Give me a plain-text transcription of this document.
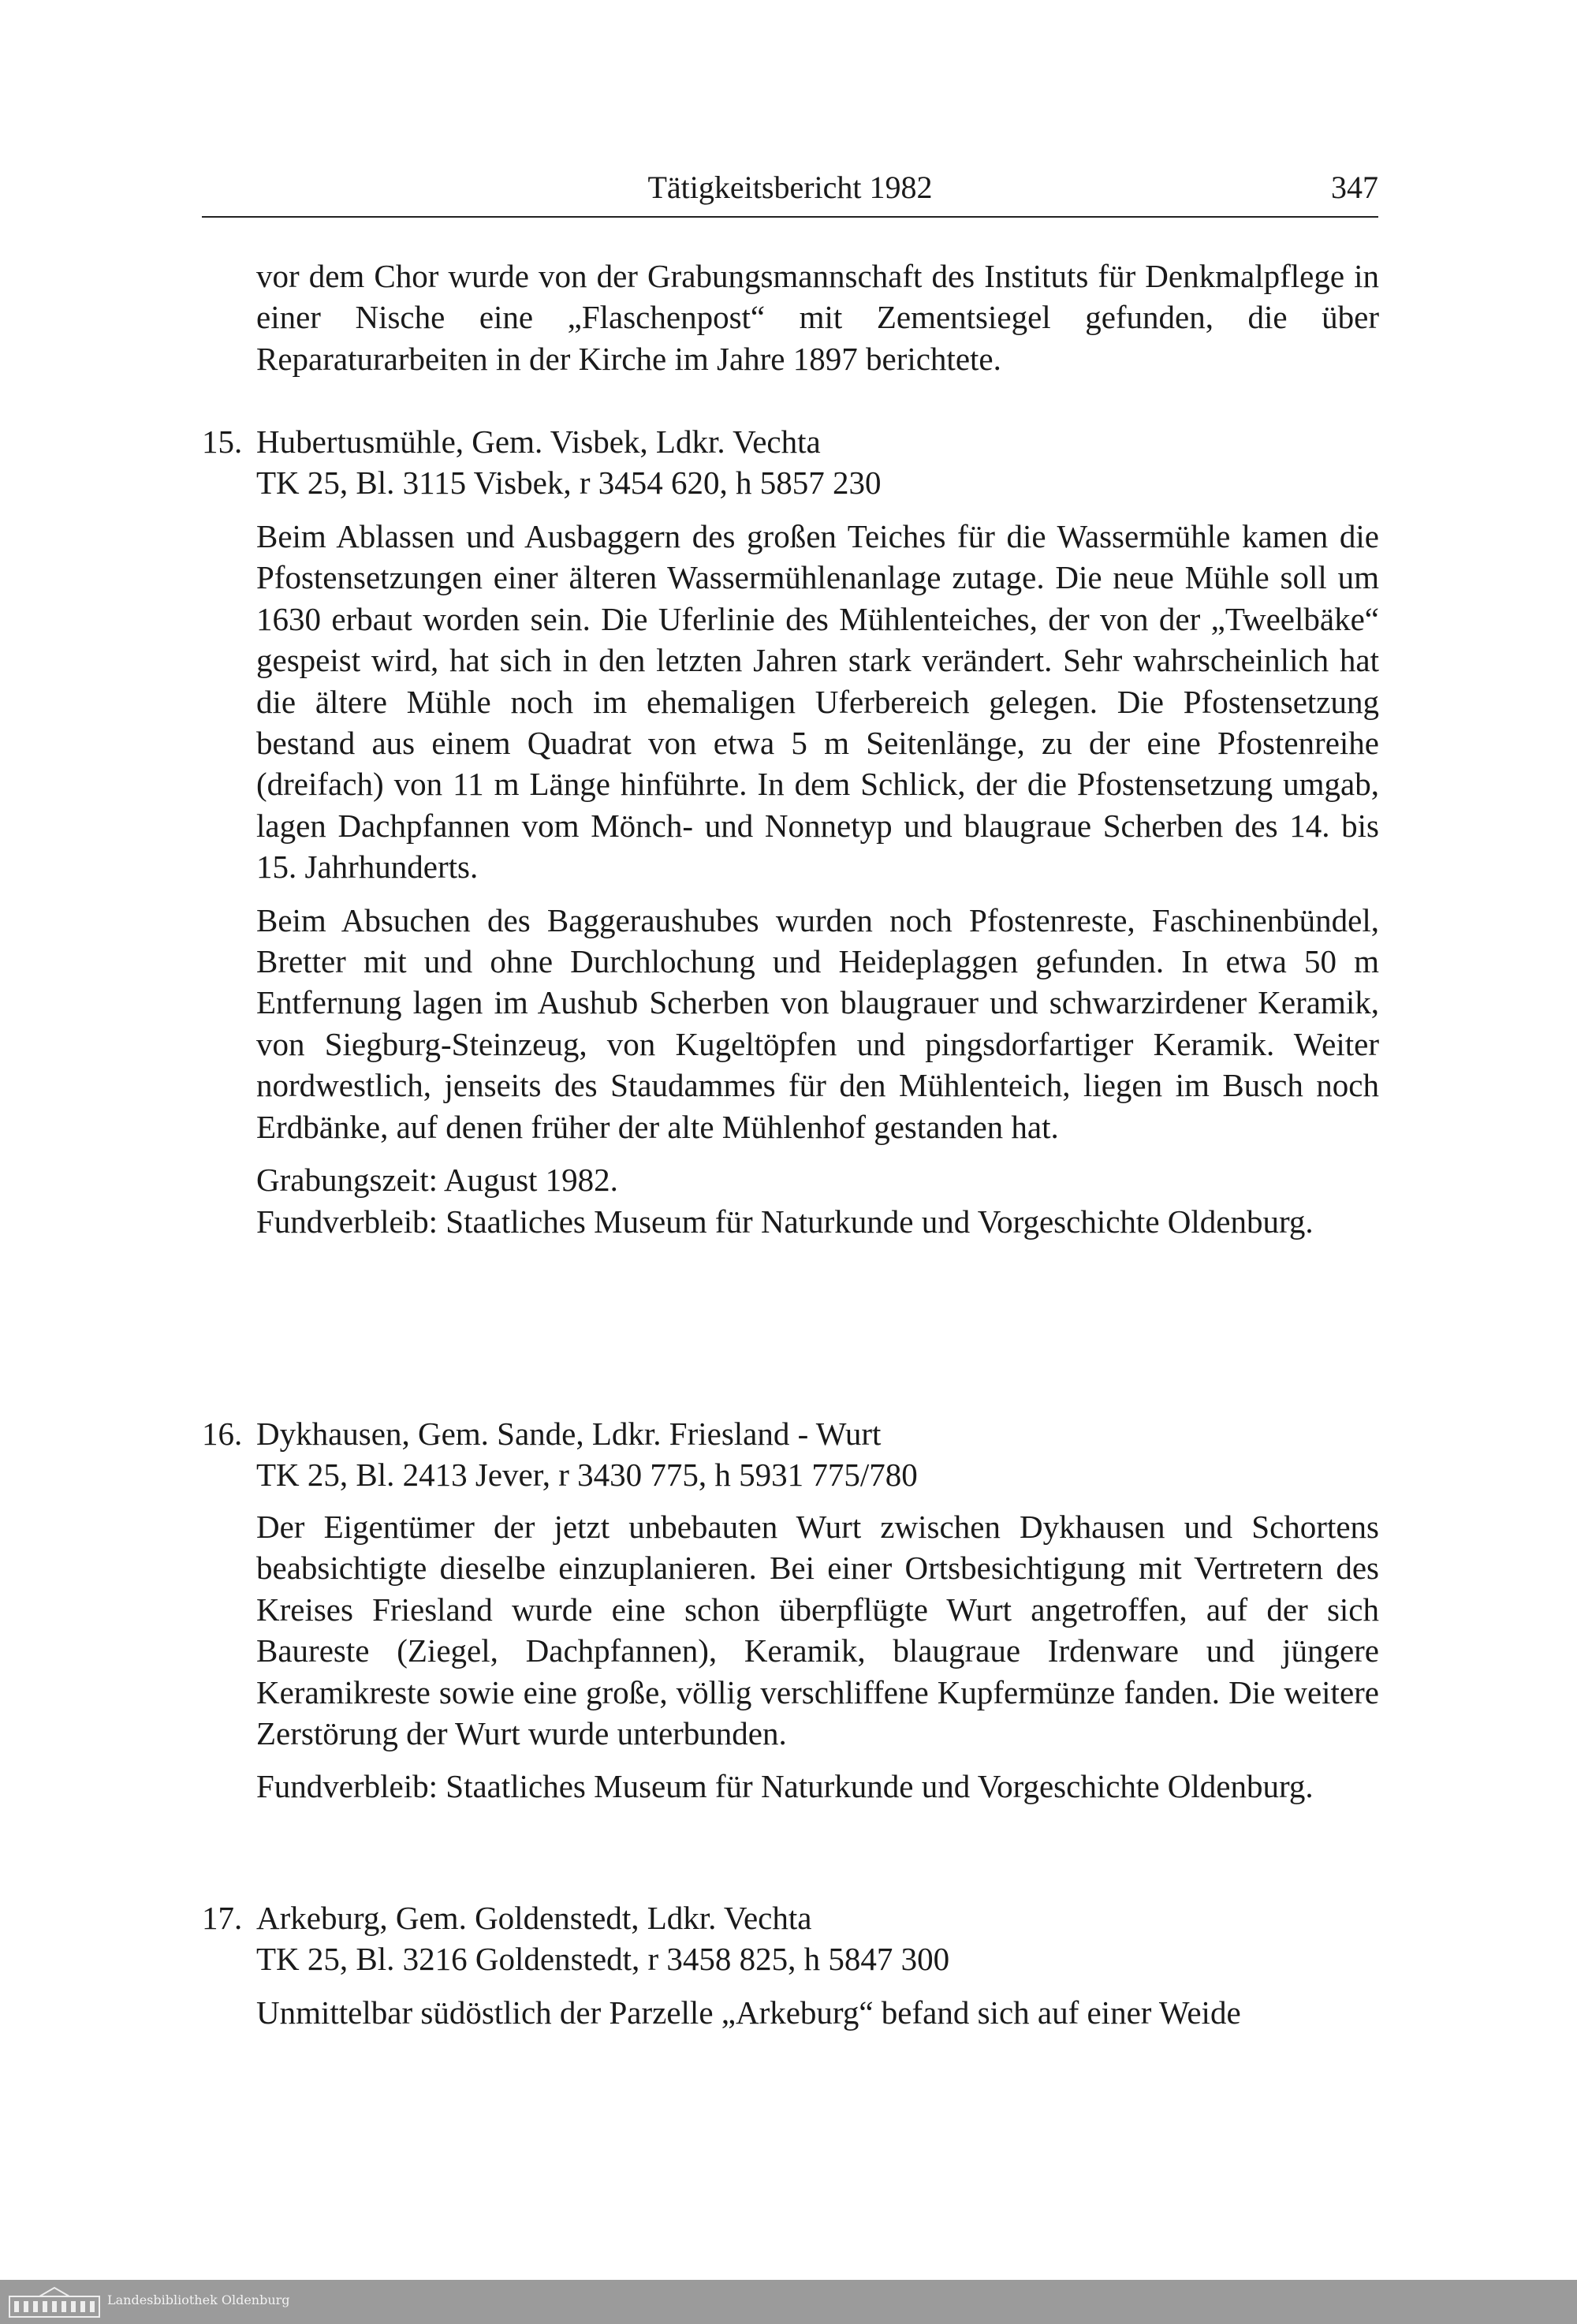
Tätigkeitsbericht 1982	347

vor dem Chor wurde von der Grabungsmannschaft des Instituts für Denkmalpflege in einer Nische eine „Flaschenpost“ mit Zementsiegel gefunden, die über Reparaturarbeiten in der Kirche im Jahre 1897 berichtete.

15. Hubertusmühle, Gem. Visbek, Ldkr. Vechta
TK 25, Bl. 3115 Visbek, r 3454 620, h 5857 230

Beim Ablassen und Ausbaggern des großen Teiches für die Wassermühle kamen die Pfostensetzungen einer älteren Wassermühlenanlage zutage. Die neue Mühle soll um 1630 erbaut worden sein. Die Uferlinie des Mühlenteiches, der von der „Tweelbäke“ gespeist wird, hat sich in den letzten Jahren stark verändert. Sehr wahrscheinlich hat die ältere Mühle noch im ehemaligen Uferbereich gelegen. Die Pfostensetzung bestand aus einem Quadrat von etwa 5 m Seitenlänge, zu der eine Pfostenreihe (dreifach) von 11 m Länge hinführte. In dem Schlick, der die Pfostensetzung umgab, lagen Dachpfannen vom Mönch- und Nonnetyp und blaugraue Scherben des 14. bis 15. Jahrhunderts.

Beim Absuchen des Baggeraushubes wurden noch Pfostenreste, Faschinenbündel, Bretter mit und ohne Durchlochung und Heideplaggen gefunden. In etwa 50 m Entfernung lagen im Aushub Scherben von blaugrauer und schwarzirdener Keramik, von Siegburg-Steinzeug, von Kugeltöpfen und pingsdorfartiger Keramik. Weiter nordwestlich, jenseits des Staudammes für den Mühlenteich, liegen im Busch noch Erdbänke, auf denen früher der alte Mühlenhof gestanden hat.

Grabungszeit: August 1982.

Fundverbleib: Staatliches Museum für Naturkunde und Vorgeschichte Oldenburg.

16. Dykhausen, Gem. Sande, Ldkr. Friesland - Wurt
TK 25, Bl. 2413 Jever, r 3430 775, h 5931 775/780

Der Eigentümer der jetzt unbebauten Wurt zwischen Dykhausen und Schortens beabsichtigte dieselbe einzuplanieren. Bei einer Ortsbesichtigung mit Vertretern des Kreises Friesland wurde eine schon überpflügte Wurt angetroffen, auf der sich Baureste (Ziegel, Dachpfannen), Keramik, blaugraue Irdenware und jüngere Keramikreste sowie eine große, völlig verschliffene Kupfermünze fanden. Die weitere Zerstörung der Wurt wurde unterbunden.

Fundverbleib: Staatliches Museum für Naturkunde und Vorgeschichte Oldenburg.

17. Arkeburg, Gem. Goldenstedt, Ldkr. Vechta
TK 25, Bl. 3216 Goldenstedt, r 3458 825, h 5847 300

Unmittelbar südöstlich der Parzelle „Arkeburg“ befand sich auf einer Weide

Landesbibliothek Oldenburg
